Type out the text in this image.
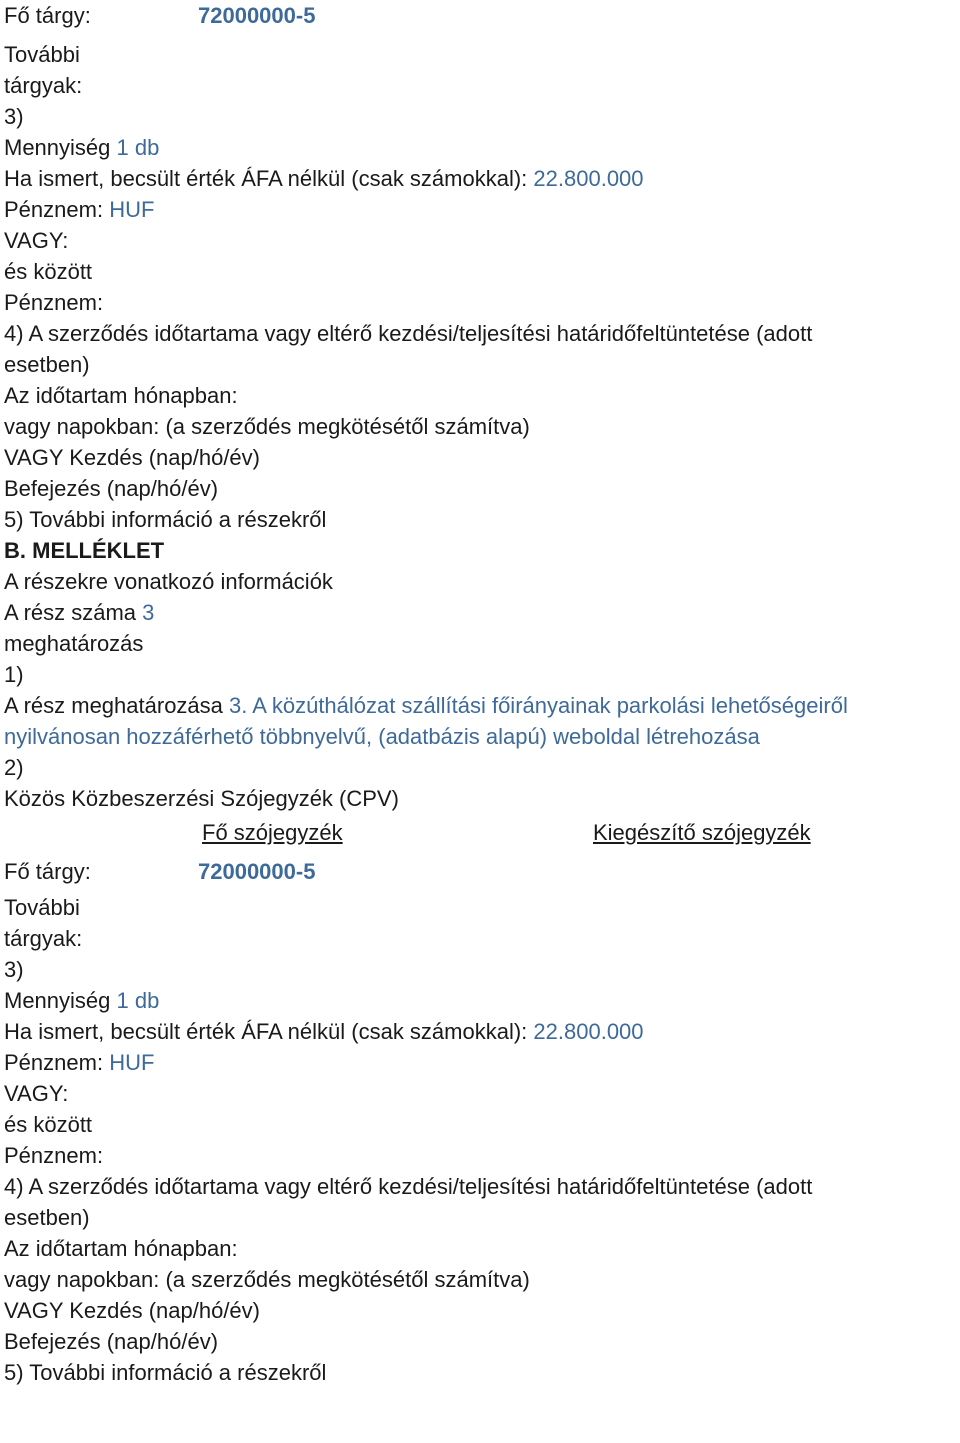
Fő tárgy:	72000000-5
További
tárgyak:
3)
Mennyiség 1 db
Ha ismert, becsült érték ÁFA nélkül (csak számokkal): 22.800.000
Pénznem: HUF
VAGY:
és között
Pénznem:
4) A szerződés időtartama vagy eltérő kezdési/teljesítési határidőfeltüntetése (adott
esetben)
Az időtartam hónapban:
vagy napokban: (a szerződés megkötésétől számítva)
VAGY Kezdés (nap/hó/év)
Befejezés (nap/hó/év)
5) További információ a részekről
B. MELLÉKLET
A részekre vonatkozó információk
A rész száma 3
meghatározás
1)
A rész meghatározása 3. A közúthálózat szállítási főirányainak parkolási lehetőségeiről nyilvánosan hozzáférhető többnyelvű, (adatbázis alapú) weboldal létrehozása
2)
Közös Közbeszerzési Szójegyzék (CPV)
Fő szójegyzék	Kiegészítő szójegyzék
Fő tárgy:	72000000-5
További
tárgyak:
3)
Mennyiség 1 db
Ha ismert, becsült érték ÁFA nélkül (csak számokkal): 22.800.000
Pénznem: HUF
VAGY:
és között
Pénznem:
4) A szerződés időtartama vagy eltérő kezdési/teljesítési határidőfeltüntetése (adott
esetben)
Az időtartam hónapban:
vagy napokban: (a szerződés megkötésétől számítva)
VAGY Kezdés (nap/hó/év)
Befejezés (nap/hó/év)
5) További információ a részekről
